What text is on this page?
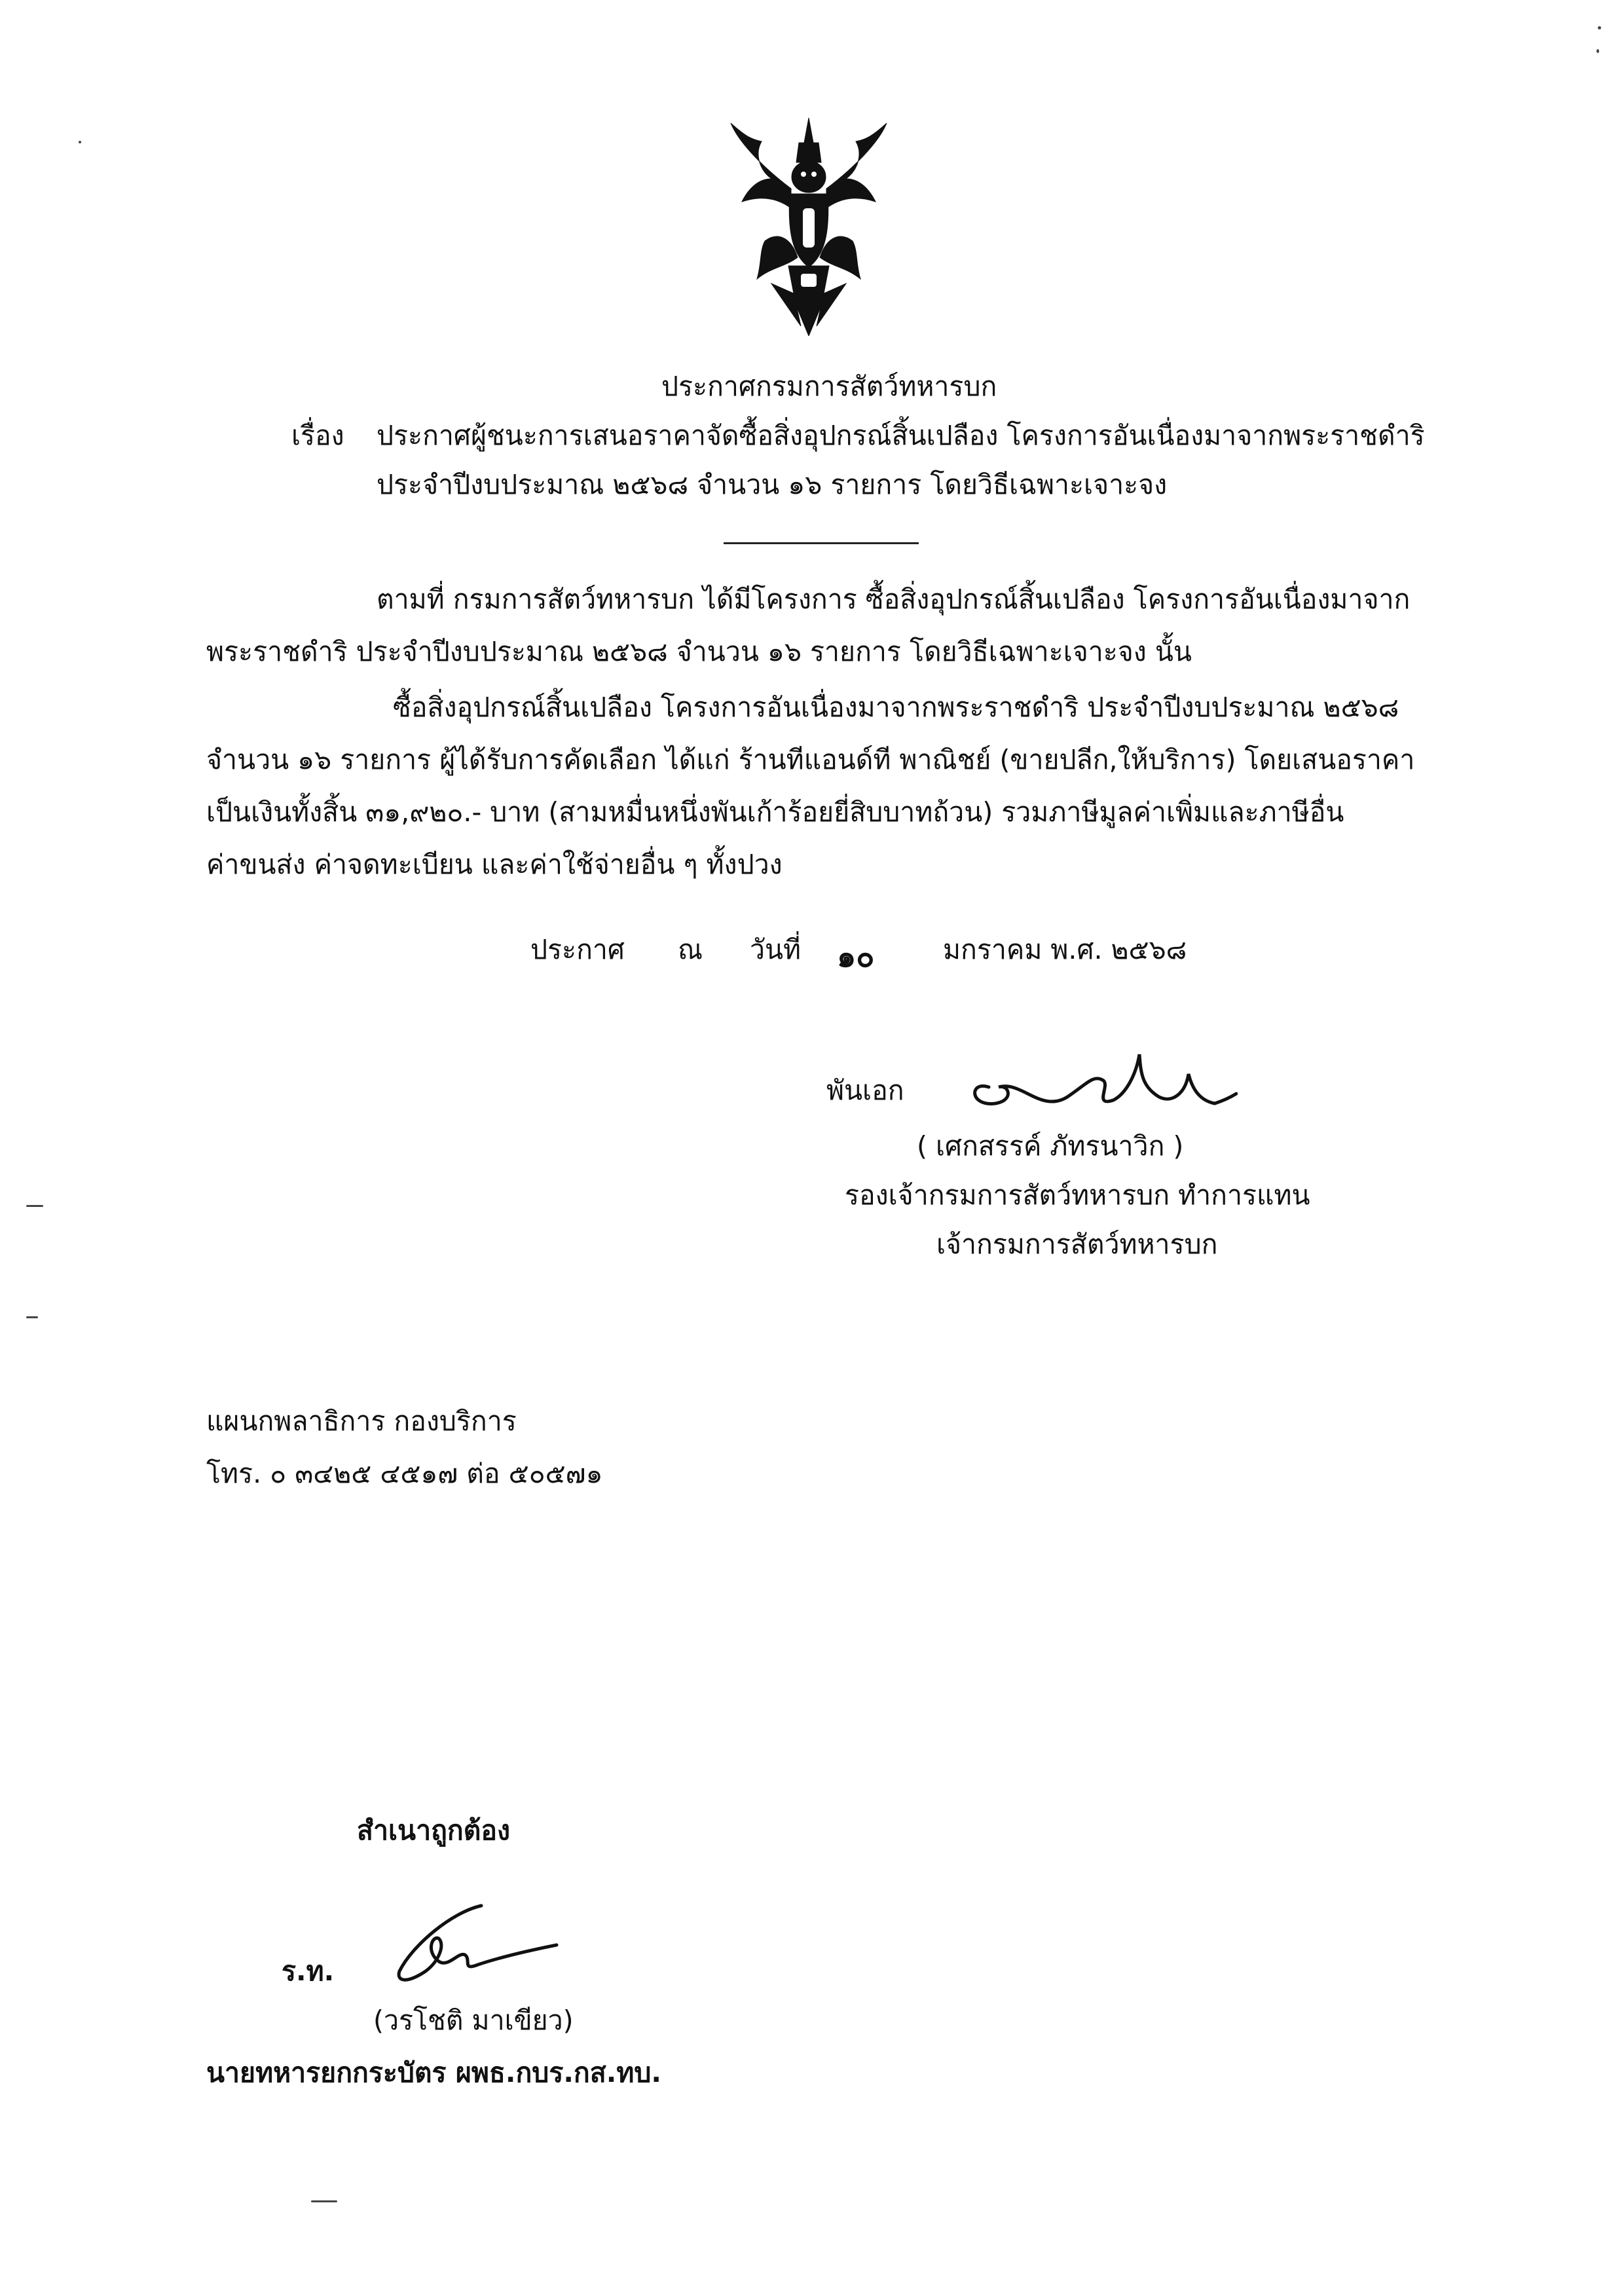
ประกาศกรมการสัตว์ทหารบก
เรื่อง ประกาศผู้ชนะการเสนอราคาจัดซื้อสิ่งอุปกรณ์สิ้นเปลือง โครงการอันเนื่องมาจากพระราชดำริ
ประจำปีงบประมาณ ๒๕๖๘ จำนวน ๑๖ รายการ โดยวิธีเฉพาะเจาะจง
ตามที่ กรมการสัตว์ทหารบก ได้มีโครงการ ซื้อสิ่งอุปกรณ์สิ้นเปลือง โครงการอันเนื่องมาจาก
พระราชดำริ ประจำปีงบประมาณ ๒๕๖๘ จำนวน ๑๖ รายการ โดยวิธีเฉพาะเจาะจง นั้น
ซื้อสิ่งอุปกรณ์สิ้นเปลือง โครงการอันเนื่องมาจากพระราชดำริ ประจำปีงบประมาณ ๒๕๖๘
จำนวน ๑๖ รายการ ผู้ได้รับการคัดเลือก ได้แก่ ร้านทีแอนด์ที พาณิชย์ (ขายปลีก,ให้บริการ) โดยเสนอราคา
เป็นเงินทั้งสิ้น ๓๑,๙๒๐.- บาท (สามหมื่นหนึ่งพันเก้าร้อยยี่สิบบาทถ้วน) รวมภาษีมูลค่าเพิ่มและภาษีอื่น
ค่าขนส่ง ค่าจดทะเบียน และค่าใช้จ่ายอื่น ๆ ทั้งปวง
ประกาศ ณ วันที่ ๑๐	มกราคม พ.ศ. ๒๕๖๘
พันเอก
( เศกสรรค์ ภัทรนาวิก )
รองเจ้ากรมการสัตว์ทหารบก ทำการแทน
เจ้ากรมการสัตว์ทหารบก
แผนกพลาธิการ กองบริการ
โทร. ๐ ๓๔๒๕ ๔๕๑๗ ต่อ ๕๐๕๗๑
สำเนาถูกต้อง
ร.ท.
(วรโชติ มาเขียว)
นายทหารยกกระบัตร ผพธ.กบร.กส.ทบ.
